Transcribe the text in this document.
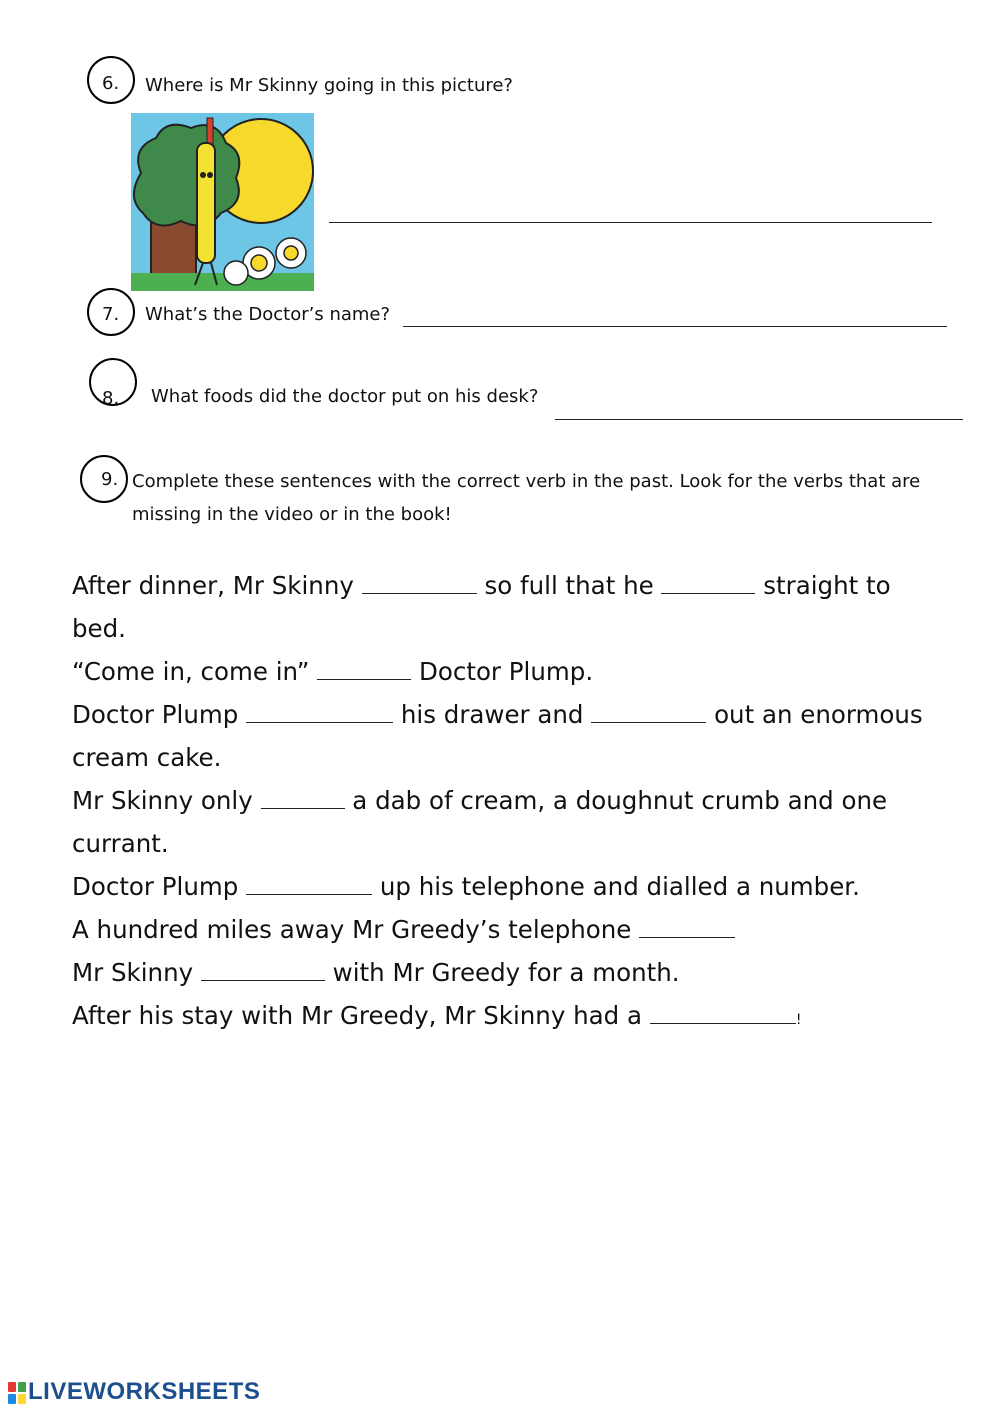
6. Where is Mr Skinny going in this picture?
7. What’s the Doctor’s name?
8. What foods did the doctor put on his desk?
9. Complete these sentences with the correct verb in the past. Look for the verbs that are missing in the video or in the book!

After dinner, Mr Skinny	so full that he	straight to bed.

“Come in, come in”	Doctor Plump.

Doctor Plump	his drawer and	out an enormous cream cake.

Mr Skinny only	a dab of cream, a doughnut crumb and one currant.

Doctor Plump	up his telephone and dialled a number.

A hundred miles away Mr Greedy’s telephone

Mr Skinny	with Mr Greedy for a month.

After his stay with Mr Greedy, Mr Skinny had a	!

LIVEWORKSHEETS
